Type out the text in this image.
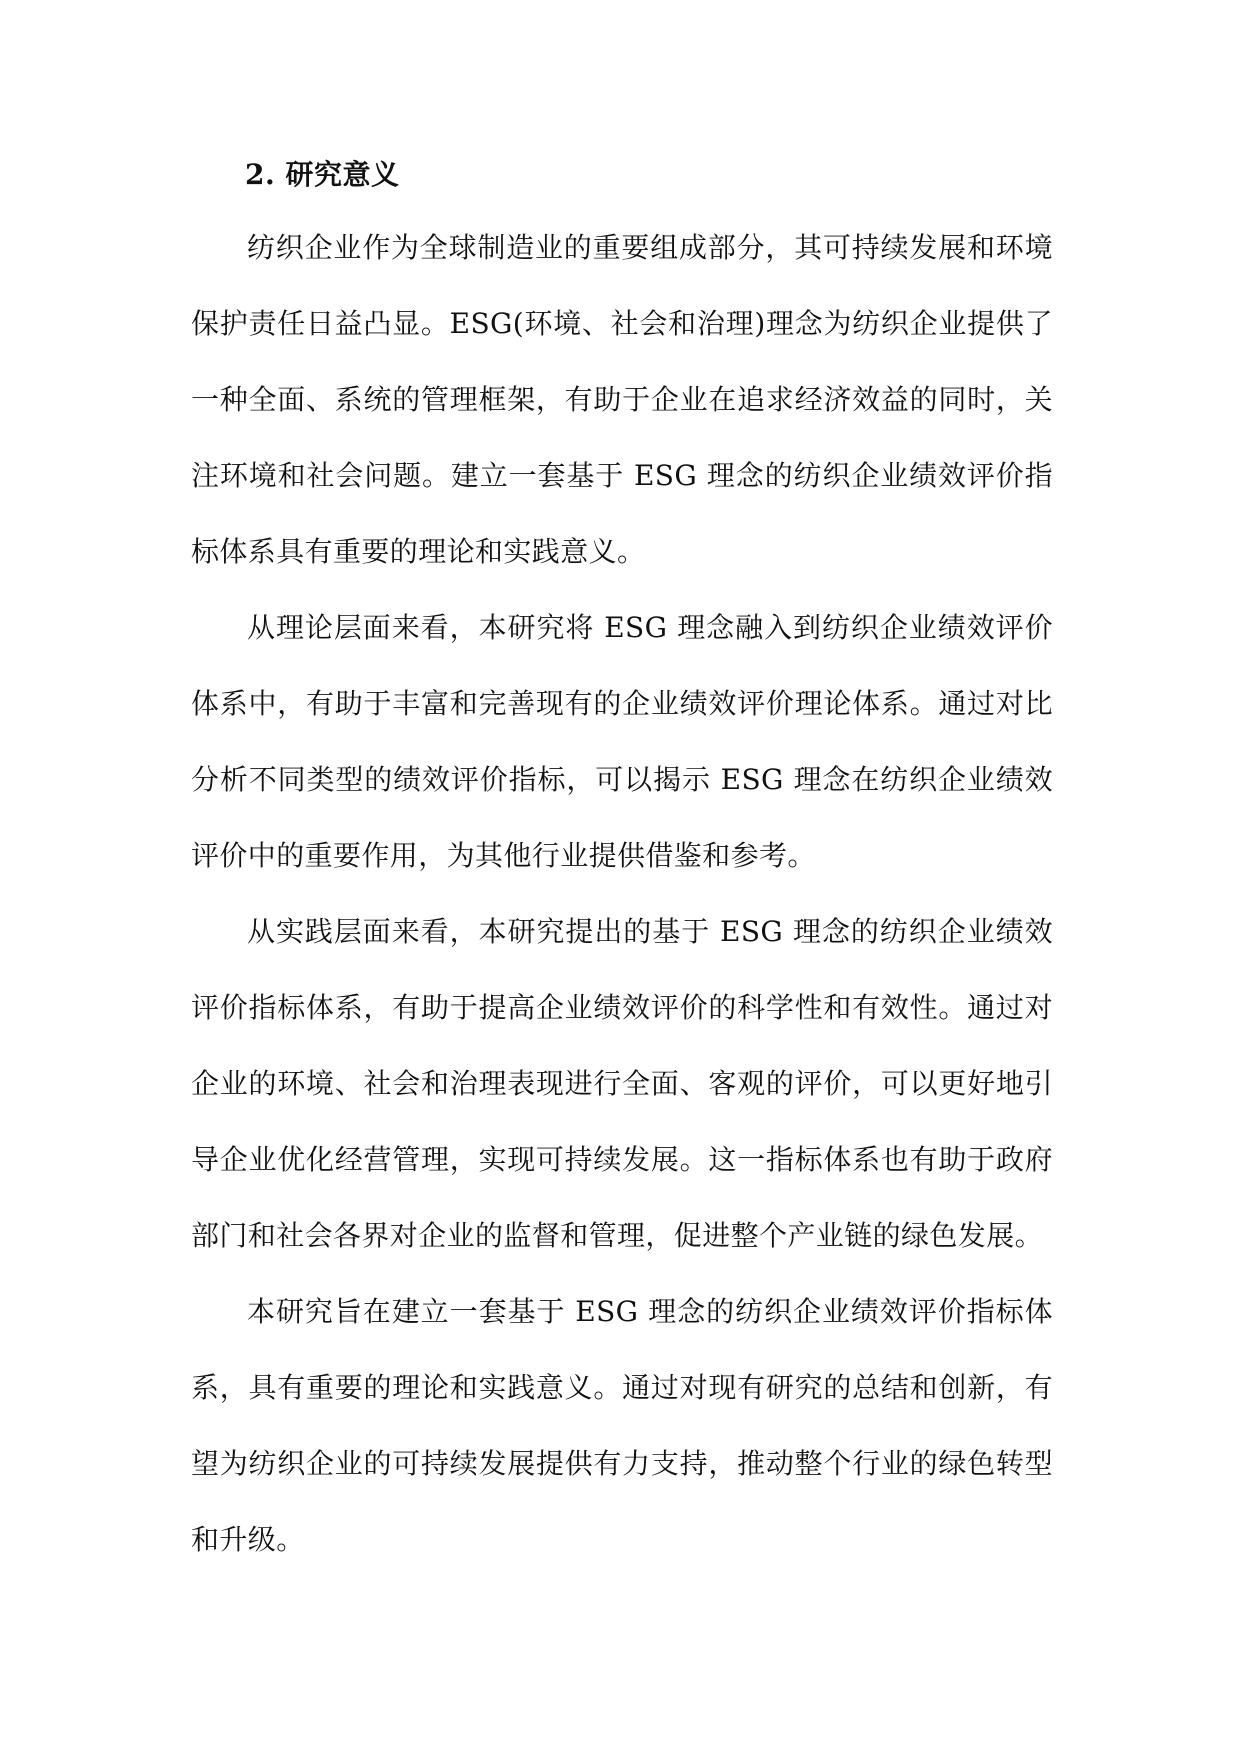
2. 研究意义

纺织企业作为全球制造业的重要组成部分，其可持续发展和环境保护责任日益凸显。ESG(环境、社会和治理)理念为纺织企业提供了一种全面、系统的管理框架，有助于企业在追求经济效益的同时，关注环境和社会问题。建立一套基于 ESG 理念的纺织企业绩效评价指标体系具有重要的理论和实践意义。

从理论层面来看，本研究将 ESG 理念融入到纺织企业绩效评价体系中，有助于丰富和完善现有的企业绩效评价理论体系。通过对比分析不同类型的绩效评价指标，可以揭示 ESG 理念在纺织企业绩效评价中的重要作用，为其他行业提供借鉴和参考。

从实践层面来看，本研究提出的基于 ESG 理念的纺织企业绩效评价指标体系，有助于提高企业绩效评价的科学性和有效性。通过对企业的环境、社会和治理表现进行全面、客观的评价，可以更好地引导企业优化经营管理，实现可持续发展。这一指标体系也有助于政府部门和社会各界对企业的监督和管理，促进整个产业链的绿色发展。

本研究旨在建立一套基于 ESG 理念的纺织企业绩效评价指标体系，具有重要的理论和实践意义。通过对现有研究的总结和创新，有望为纺织企业的可持续发展提供有力支持，推动整个行业的绿色转型和升级。
